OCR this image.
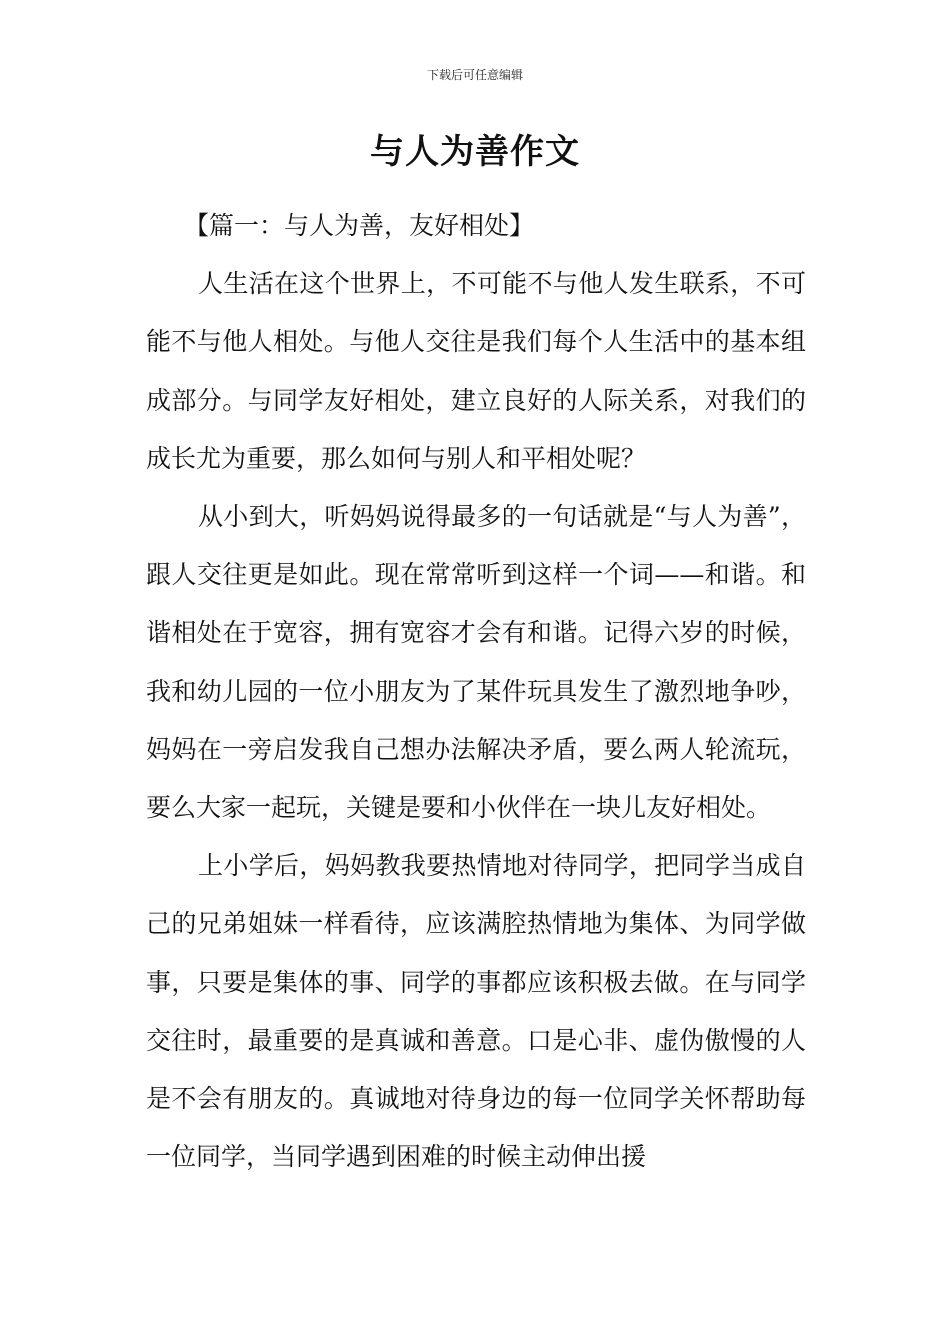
下载后可任意编辑
与人为善作文

【篇一：与人为善，友好相处】

人生活在这个世界上，不可能不与他人发生联系，不可能不与他人相处。与他人交往是我们每个人生活中的基本组成部分。与同学友好相处，建立良好的人际关系，对我们的成长尤为重要，那么如何与别人和平相处呢？

从小到大，听妈妈说得最多的一句话就是“与人为善”，跟人交往更是如此。现在常常听到这样一个词——和谐。和谐相处在于宽容，拥有宽容才会有和谐。记得六岁的时候，我和幼儿园的一位小朋友为了某件玩具发生了激烈地争吵，妈妈在一旁启发我自己想办法解决矛盾，要么两人轮流玩，要么大家一起玩，关键是要和小伙伴在一块儿友好相处。

上小学后，妈妈教我要热情地对待同学，把同学当成自己的兄弟姐妹一样看待，应该满腔热情地为集体、为同学做事，只要是集体的事、同学的事都应该积极去做。在与同学交往时，最重要的是真诚和善意。口是心非、虚伪傲慢的人是不会有朋友的。真诚地对待身边的每一位同学关怀帮助每一位同学，当同学遇到困难的时候主动伸出援
